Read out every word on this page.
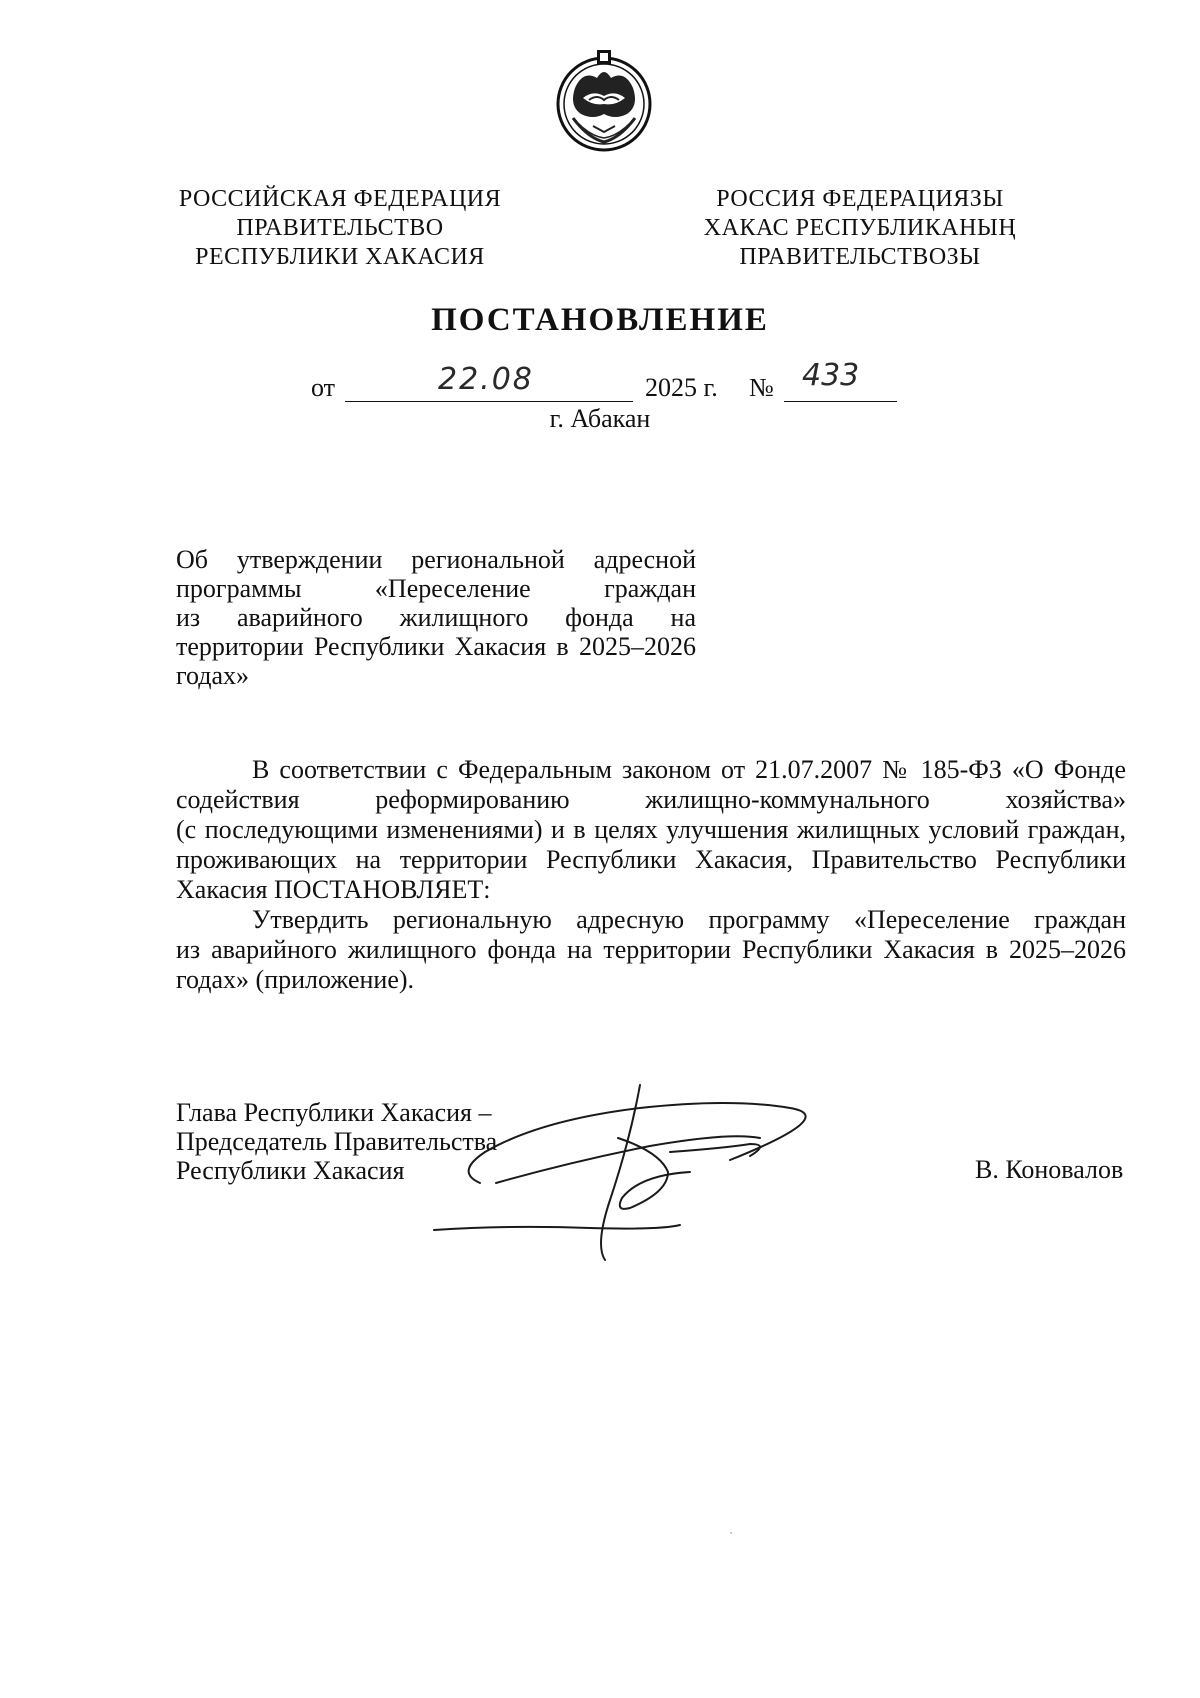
РОССИЙСКАЯ ФЕДЕРАЦИЯ
ПРАВИТЕЛЬСТВО
РЕСПУБЛИКИ ХАКАСИЯ
РОССИЯ ФЕДЕРАЦИЯЗЫ
ХАКАС РЕСПУБЛИКАНЫҢ
ПРАВИТЕЛЬСТВОЗЫ
ПОСТАНОВЛЕНИЕ
от	22.08	2025 г. № 433
г. Абакан
Об утверждении региональной адресной
программы «Переселение граждан
из аварийного жилищного фонда на
территории Республики Хакасия в 2025–2026
годах»
В соответствии с Федеральным законом от 21.07.2007 № 185-ФЗ «О Фонде
содействия реформированию жилищно-коммунального хозяйства»
(с последующими изменениями) и в целях улучшения жилищных условий граждан,
проживающих на территории Республики Хакасия, Правительство Республики
Хакасия ПОСТАНОВЛЯЕТ:
Утвердить региональную адресную программу «Переселение граждан
из аварийного жилищного фонда на территории Республики Хакасия в 2025–2026
годах» (приложение).
Глава Республики Хакасия –
Председатель Правительства
Республики Хакасия	В. Коновалов
